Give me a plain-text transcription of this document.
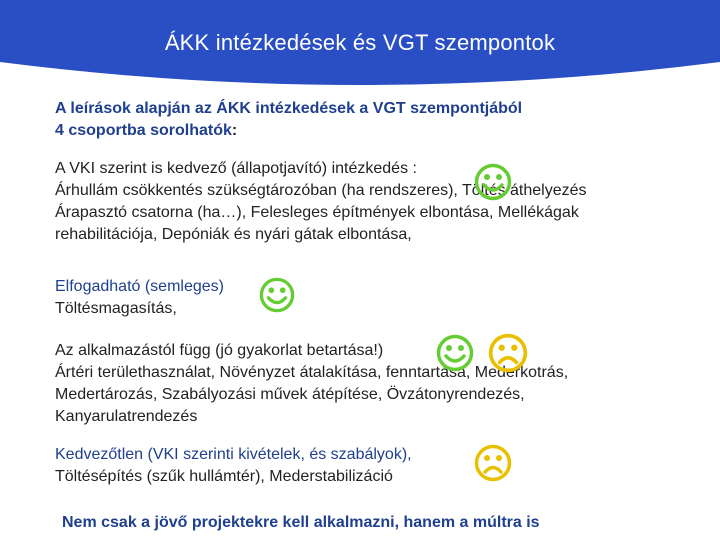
ÁKK intézkedések és VGT szempontok
A leírások alapján az ÁKK intézkedések a VGT szempontjából
4 csoportba sorolhatók:
A VKI szerint is kedvező (állapotjavító) intézkedés :
Árhullám csökkentés szükségtározóban (ha rendszeres), Töltés áthelyezés
Árapasztó csatorna (ha…), Felesleges építmények elbontása, Mellékágak
rehabilitációja, Depóniák és nyári gátak elbontása,
Elfogadható (semleges)
Töltésmagasítás,
Az alkalmazástól függ (jó gyakorlat betartása!)
Ártéri területhasználat, Növényzet átalakítása, fenntartása, Mederkotrás,
Medertározás, Szabályozási művek átépítése, Övzátonyrendezés,
Kanyarulatrendezés
Kedvezőtlen (VKI szerinti kivételek, és szabályok),
Töltésépítés (szűk hullámtér), Mederstabilizáció
Nem csak a jövő projektekre kell alkalmazni, hanem a múltra is
